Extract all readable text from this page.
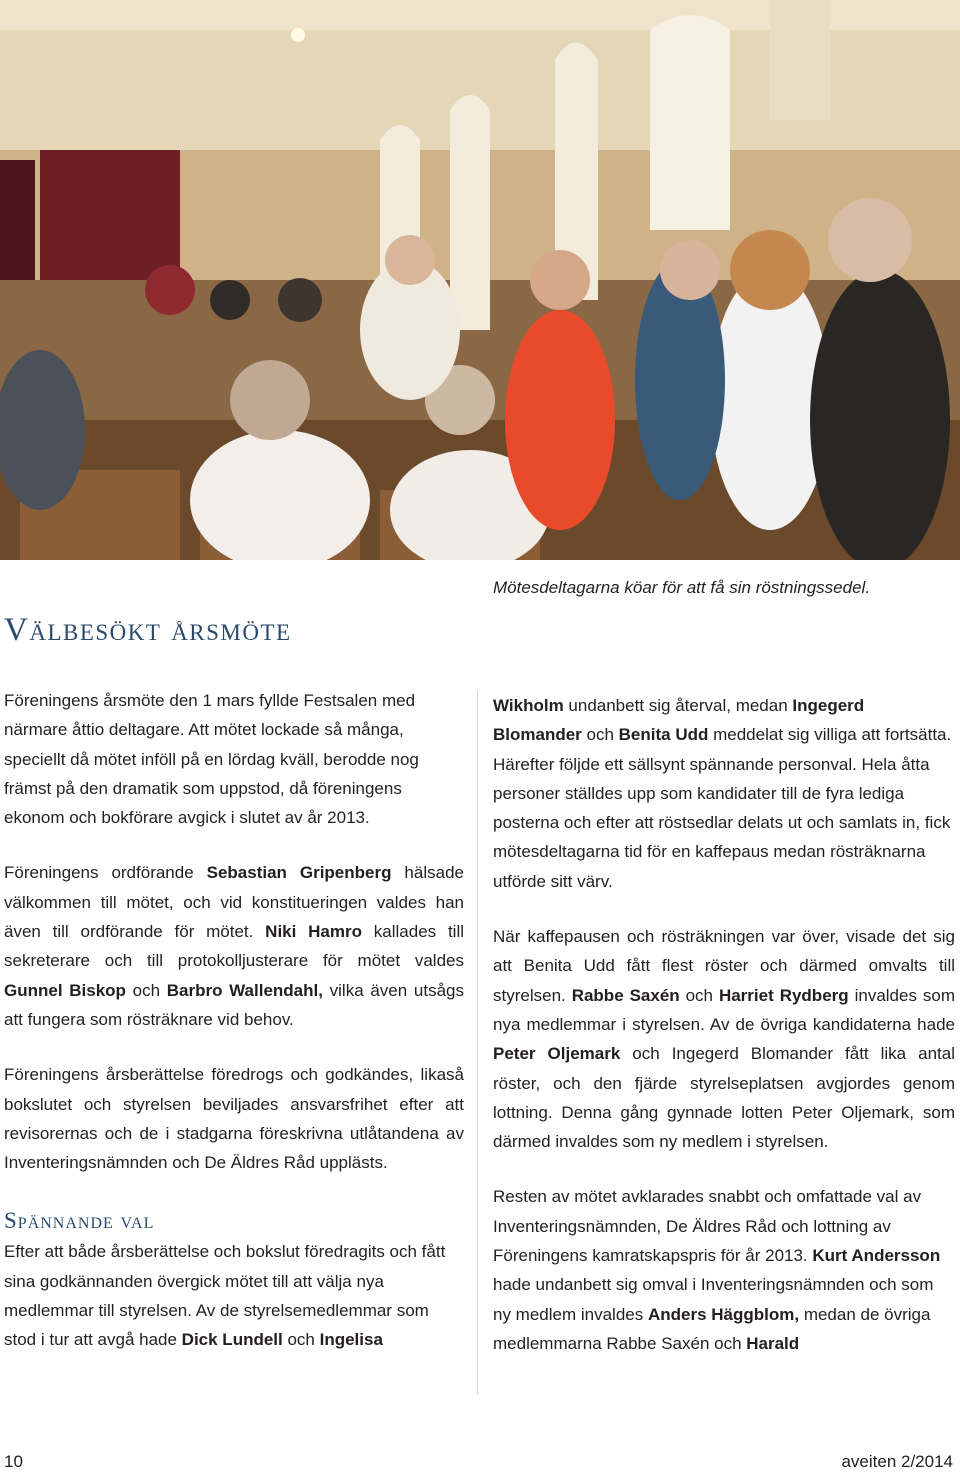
Mötesdeltagarna köar för att få sin röstningssedel.
Välbesökt årsmöte

Föreningens årsmöte den 1 mars fyllde Festsalen med närmare åttio deltagare. Att mötet lockade så många, speciellt då mötet inföll på en lördag kväll, berodde nog främst på den dramatik som uppstod, då föreningens ekonom och bokförare avgick i slutet av år 2013.

Föreningens ordförande Sebastian Gripenberg hälsade välkommen till mötet, och vid konstitueringen valdes han även till ordförande för mötet. Niki Hamro kallades till sekreterare och till protokolljusterare för mötet valdes Gunnel Biskop och Barbro Wallendahl, vilka även utsågs att fungera som rösträknare vid behov.

Föreningens årsberättelse föredrogs och godkändes, likaså bokslutet och styrelsen beviljades ansvarsfrihet efter att revisorernas och de i stadgarna föreskrivna utlåtandena av Inventeringsnämnden och De Äldres Råd upplästs.

Spännande val

Efter att både årsberättelse och bokslut föredragits och fått sina godkännanden övergick mötet till att välja nya medlemmar till styrelsen. Av de styrelsemedlemmar som stod i tur att avgå hade Dick Lundell och Ingelisa

Wikholm undanbett sig återval, medan Ingegerd Blomander och Benita Udd meddelat sig villiga att fortsätta. Härefter följde ett sällsynt spännande personval. Hela åtta personer ställdes upp som kandidater till de fyra lediga posterna och efter att röstsedlar delats ut och samlats in, fick mötesdeltagarna tid för en kaffepaus medan rösträknarna utförde sitt värv.

När kaffepausen och rösträkningen var över, visade det sig att Benita Udd fått flest röster och därmed omvalts till styrelsen. Rabbe Saxén och Harriet Rydberg invaldes som nya medlemmar i styrelsen. Av de övriga kandidaterna hade Peter Oljemark och Ingegerd Blomander fått lika antal röster, och den fjärde styrelseplatsen avgjordes genom lottning. Denna gång gynnade lotten Peter Oljemark, som därmed invaldes som ny medlem i styrelsen.

Resten av mötet avklarades snabbt och omfattade val av Inventeringsnämnden, De Äldres Råd och lottning av Föreningens kamratskapspris för år 2013. Kurt Andersson hade undanbett sig omval i Inventeringsnämnden och som ny medlem invaldes Anders Häggblom, medan de övriga medlemmarna Rabbe Saxén och Harald

10	aveiten 2/2014
